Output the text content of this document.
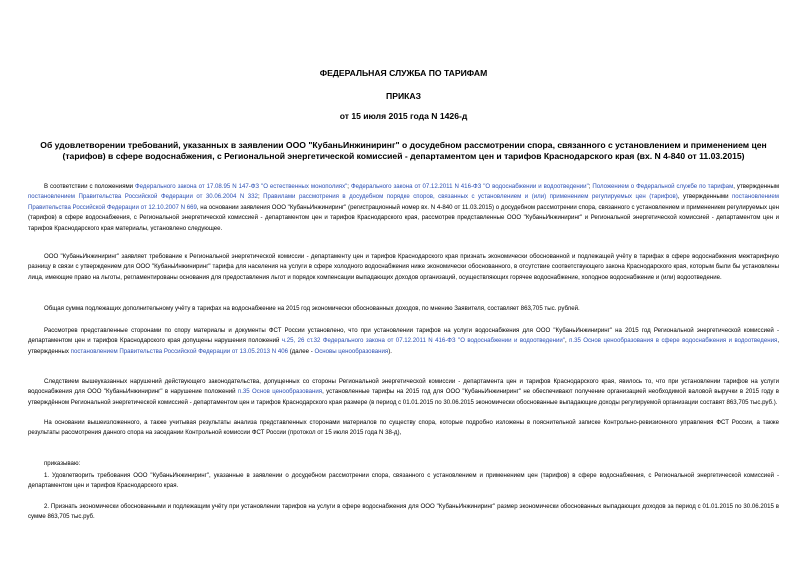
ФЕДЕРАЛЬНАЯ СЛУЖБА ПО ТАРИФАМ
ПРИКАЗ
от 15 июля 2015 года N 1426-д
Об удовлетворении требований, указанных в заявлении ООО "КубаньИнжиниринг" о досудебном рассмотрении спора, связанного с установлением и применением цен (тарифов) в сфере водоснабжения, с Региональной энергетической комиссией - департаментом цен и тарифов Краснодарского края (вх. N 4-840 от 11.03.2015)

В соответствии с положениями Федерального закона от 17.08.95 N 147-ФЗ "О естественных монополиях"; Федерального закона от 07.12.2011 N 416-ФЗ "О водоснабжении и водоотведении"; Положением о Федеральной службе по тарифам, утвержденным постановлением Правительства Российской Федерации от 30.06.2004 N 332; Правилами рассмотрения в досудебном порядке споров, связанных с установлением и (или) применением регулируемых цен (тарифов), утвержденными постановлением Правительства Российской Федерации от 12.10.2007 N 669, на основании заявления ООО "КубаньИнжиниринг" (регистрационный номер вх. N 4-840 от 11.03.2015) о досудебном рассмотрении спора, связанного с установлением и применением регулируемых цен (тарифов) в сфере водоснабжения, с Региональной энергетической комиссией - департаментом цен и тарифов Краснодарского края, рассмотрев представленные ООО "КубаньИнжиниринг" и Региональной энергетической комиссией - департаментом цен и тарифов Краснодарского края материалы, установлено следующее.

ООО "КубаньИнжиниринг" заявляет требование к Региональной энергетической комиссии - департаменту цен и тарифов Краснодарского края признать экономически обоснованной и подлежащей учёту в тарифах в сфере водоснабжения межтарифную разницу в связи с утверждением для ООО "КубаньИнжиниринг" тарифа для населения на услуги в сфере холодного водоснабжения ниже экономически обоснованного, в отсутствие соответствующего закона Краснодарского края, которым были бы установлены лица, имеющие право на льготы, регламентированы основания для предоставления льгот и порядок компенсации выпадающих доходов организаций, осуществляющих горячее водоснабжение, холодное водоснабжение и (или) водоотведение.

Общая сумма подлежащих дополнительному учёту в тарифах на водоснабжение на 2015 год экономически обоснованных доходов, по мнению Заявителя, составляет 863,705 тыс. рублей.

Рассмотрев представленные сторонами по спору материалы и документы ФСТ России установлено, что при установлении тарифов на услуги водоснабжения для ООО "КубаньИнжиниринг" на 2015 год Региональной энергетической комиссией - департаментом цен и тарифов Краснодарского края допущены нарушения положений ч.25, 26 ст.32 Федерального закона от 07.12.2011 N 416-ФЗ "О водоснабжении и водоотведении", п.35 Основ ценообразования в сфере водоснабжения и водоотведения, утвержденных постановлением Правительства Российской Федерации от 13.05.2013 N 406 (далее - Основы ценообразования).

Следствием вышеуказанных нарушений действующего законодательства, допущенных со стороны Региональной энергетической комиссии - департамента цен и тарифов Краснодарского края, явилось то, что при установлении тарифов на услуги водоснабжения для ООО "КубаньИнжиниринг" в нарушение положений п.35 Основ ценообразования, установленные тарифы на 2015 год для ООО "КубаньИнжиниринг" не обеспечивают получение организацией необходимой валовой выручки в 2015 году в утверждённом Региональной энергетической комиссией - департаментом цен и тарифов Краснодарского края размере (в период с 01.01.2015 по 30.06.2015 экономически обоснованные выпадающие доходы регулируемой организации составят 863,705 тыс.руб.).

На основании вышеизложенного, а также учитывая результаты анализа представленных сторонами материалов по существу спора, которые подробно изложены в пояснительной записке Контрольно-ревизионного управления ФСТ России, а также результаты рассмотрения данного спора на заседании Контрольной комиссии ФСТ России (протокол от 15 июля 2015 года N 38-д),

приказываю:

1. Удовлетворить требования ООО "КубаньИнжиниринг", указанные в заявлении о досудебном рассмотрении спора, связанного с установлением и применением цен (тарифов) в сфере водоснабжения, с Региональной энергетической комиссией - департаментом цен и тарифов Краснодарского края.

2. Признать экономически обоснованными и подлежащим учёту при установлении тарифов на услуги в сфере водоснабжения для ООО "КубаньИнжиниринг" размер экономически обоснованных выпадающих доходов за период с 01.01.2015 по 30.06.2015 в сумме 863,705 тыс.руб.
